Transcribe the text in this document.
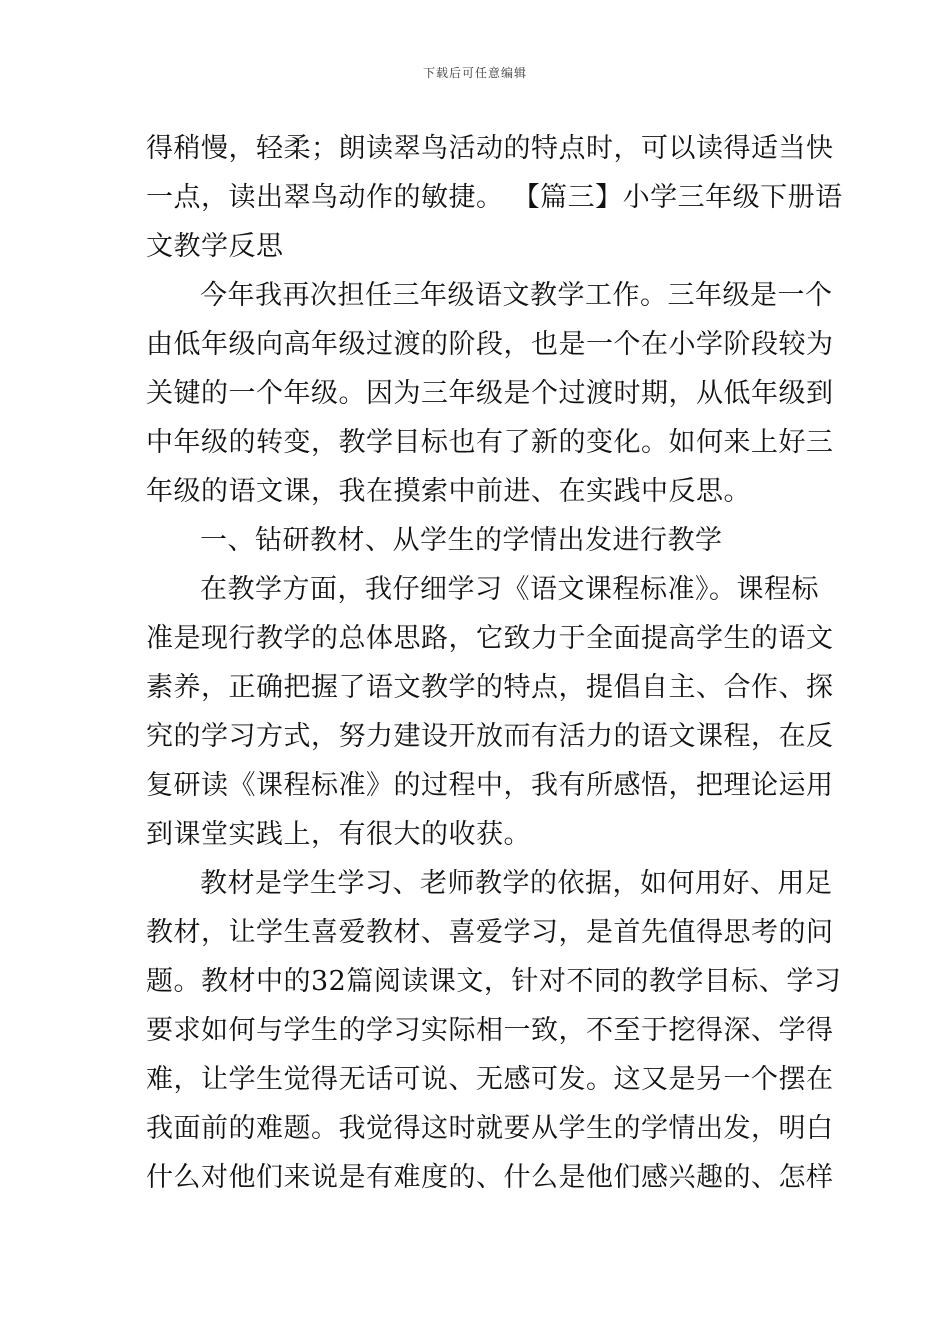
下载后可任意编辑
得稍慢，轻柔；朗读翠鸟活动的特点时，可以读得适当快
一点，读出翠鸟动作的敏捷。 【篇三】小学三年级下册语
文教学反思
今年我再次担任三年级语文教学工作。三年级是一个
由低年级向高年级过渡的阶段，也是一个在小学阶段较为
关键的一个年级。因为三年级是个过渡时期，从低年级到
中年级的转变，教学目标也有了新的变化。如何来上好三
年级的语文课，我在摸索中前进、在实践中反思。
一、钻研教材、从学生的学情出发进行教学
在教学方面，我仔细学习《语文课程标准》。课程标
准是现行教学的总体思路，它致力于全面提高学生的语文
素养，正确把握了语文教学的特点，提倡自主、合作、探
究的学习方式，努力建设开放而有活力的语文课程，在反
复研读《课程标准》的过程中，我有所感悟，把理论运用
到课堂实践上，有很大的收获。
教材是学生学习、老师教学的依据，如何用好、用足
教材，让学生喜爱教材、喜爱学习，是首先值得思考的问
题。教材中的32篇阅读课文，针对不同的教学目标、学习
要求如何与学生的学习实际相一致，不至于挖得深、学得
难，让学生觉得无话可说、无感可发。这又是另一个摆在
我面前的难题。我觉得这时就要从学生的学情出发，明白
什么对他们来说是有难度的、什么是他们感兴趣的、怎样
